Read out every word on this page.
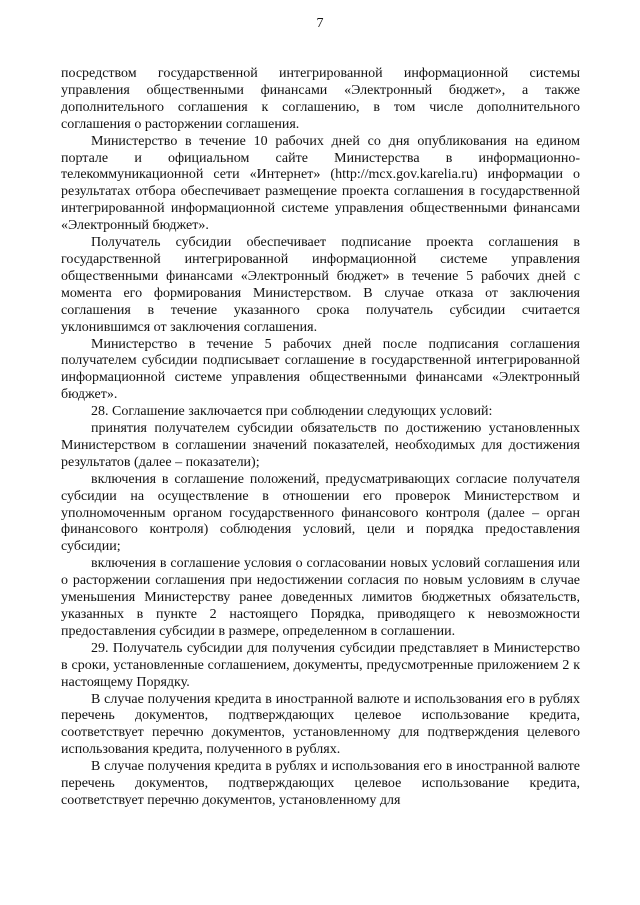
7

посредством государственной интегрированной информационной системы управления общественными финансами «Электронный бюджет», а также дополнительного соглашения к соглашению, в том числе дополнительного соглашения о расторжении соглашения.

Министерство в течение 10 рабочих дней со дня опубликования на едином портале и официальном сайте Министерства в информационно-телекоммуникационной сети «Интернет» (http://mcx.gov.karelia.ru) информации о результатах отбора обеспечивает размещение проекта соглашения в государственной интегрированной информационной системе управления общественными финансами «Электронный бюджет».

Получатель субсидии обеспечивает подписание проекта соглашения в государственной интегрированной информационной системе управления общественными финансами «Электронный бюджет» в течение 5 рабочих дней с момента его формирования Министерством. В случае отказа от заключения соглашения в течение указанного срока получатель субсидии считается уклонившимся от заключения соглашения.

Министерство в течение 5 рабочих дней после подписания соглашения получателем субсидии подписывает соглашение в государственной интегрированной информационной системе управления общественными финансами «Электронный бюджет».

28. Соглашение заключается при соблюдении следующих условий:

принятия получателем субсидии обязательств по достижению установленных Министерством в соглашении значений показателей, необходимых для достижения результатов (далее – показатели);

включения в соглашение положений, предусматривающих согласие получателя субсидии на осуществление в отношении его проверок Министерством и уполномоченным органом государственного финансового контроля (далее – орган финансового контроля) соблюдения условий, цели и порядка предоставления субсидии;

включения в соглашение условия о согласовании новых условий соглашения или о расторжении соглашения при недостижении согласия по новым условиям в случае уменьшения Министерству ранее доведенных лимитов бюджетных обязательств, указанных в пункте 2 настоящего Порядка, приводящего к невозможности предоставления субсидии в размере, определенном в соглашении.

29. Получатель субсидии для получения субсидии представляет в Министерство в сроки, установленные соглашением, документы, предусмотренные приложением 2 к настоящему Порядку.

В случае получения кредита в иностранной валюте и использования его в рублях перечень документов, подтверждающих целевое использование кредита, соответствует перечню документов, установленному для подтверждения целевого использования кредита, полученного в рублях.

В случае получения кредита в рублях и использования его в иностранной валюте перечень документов, подтверждающих целевое использование кредита, соответствует перечню документов, установленному для
